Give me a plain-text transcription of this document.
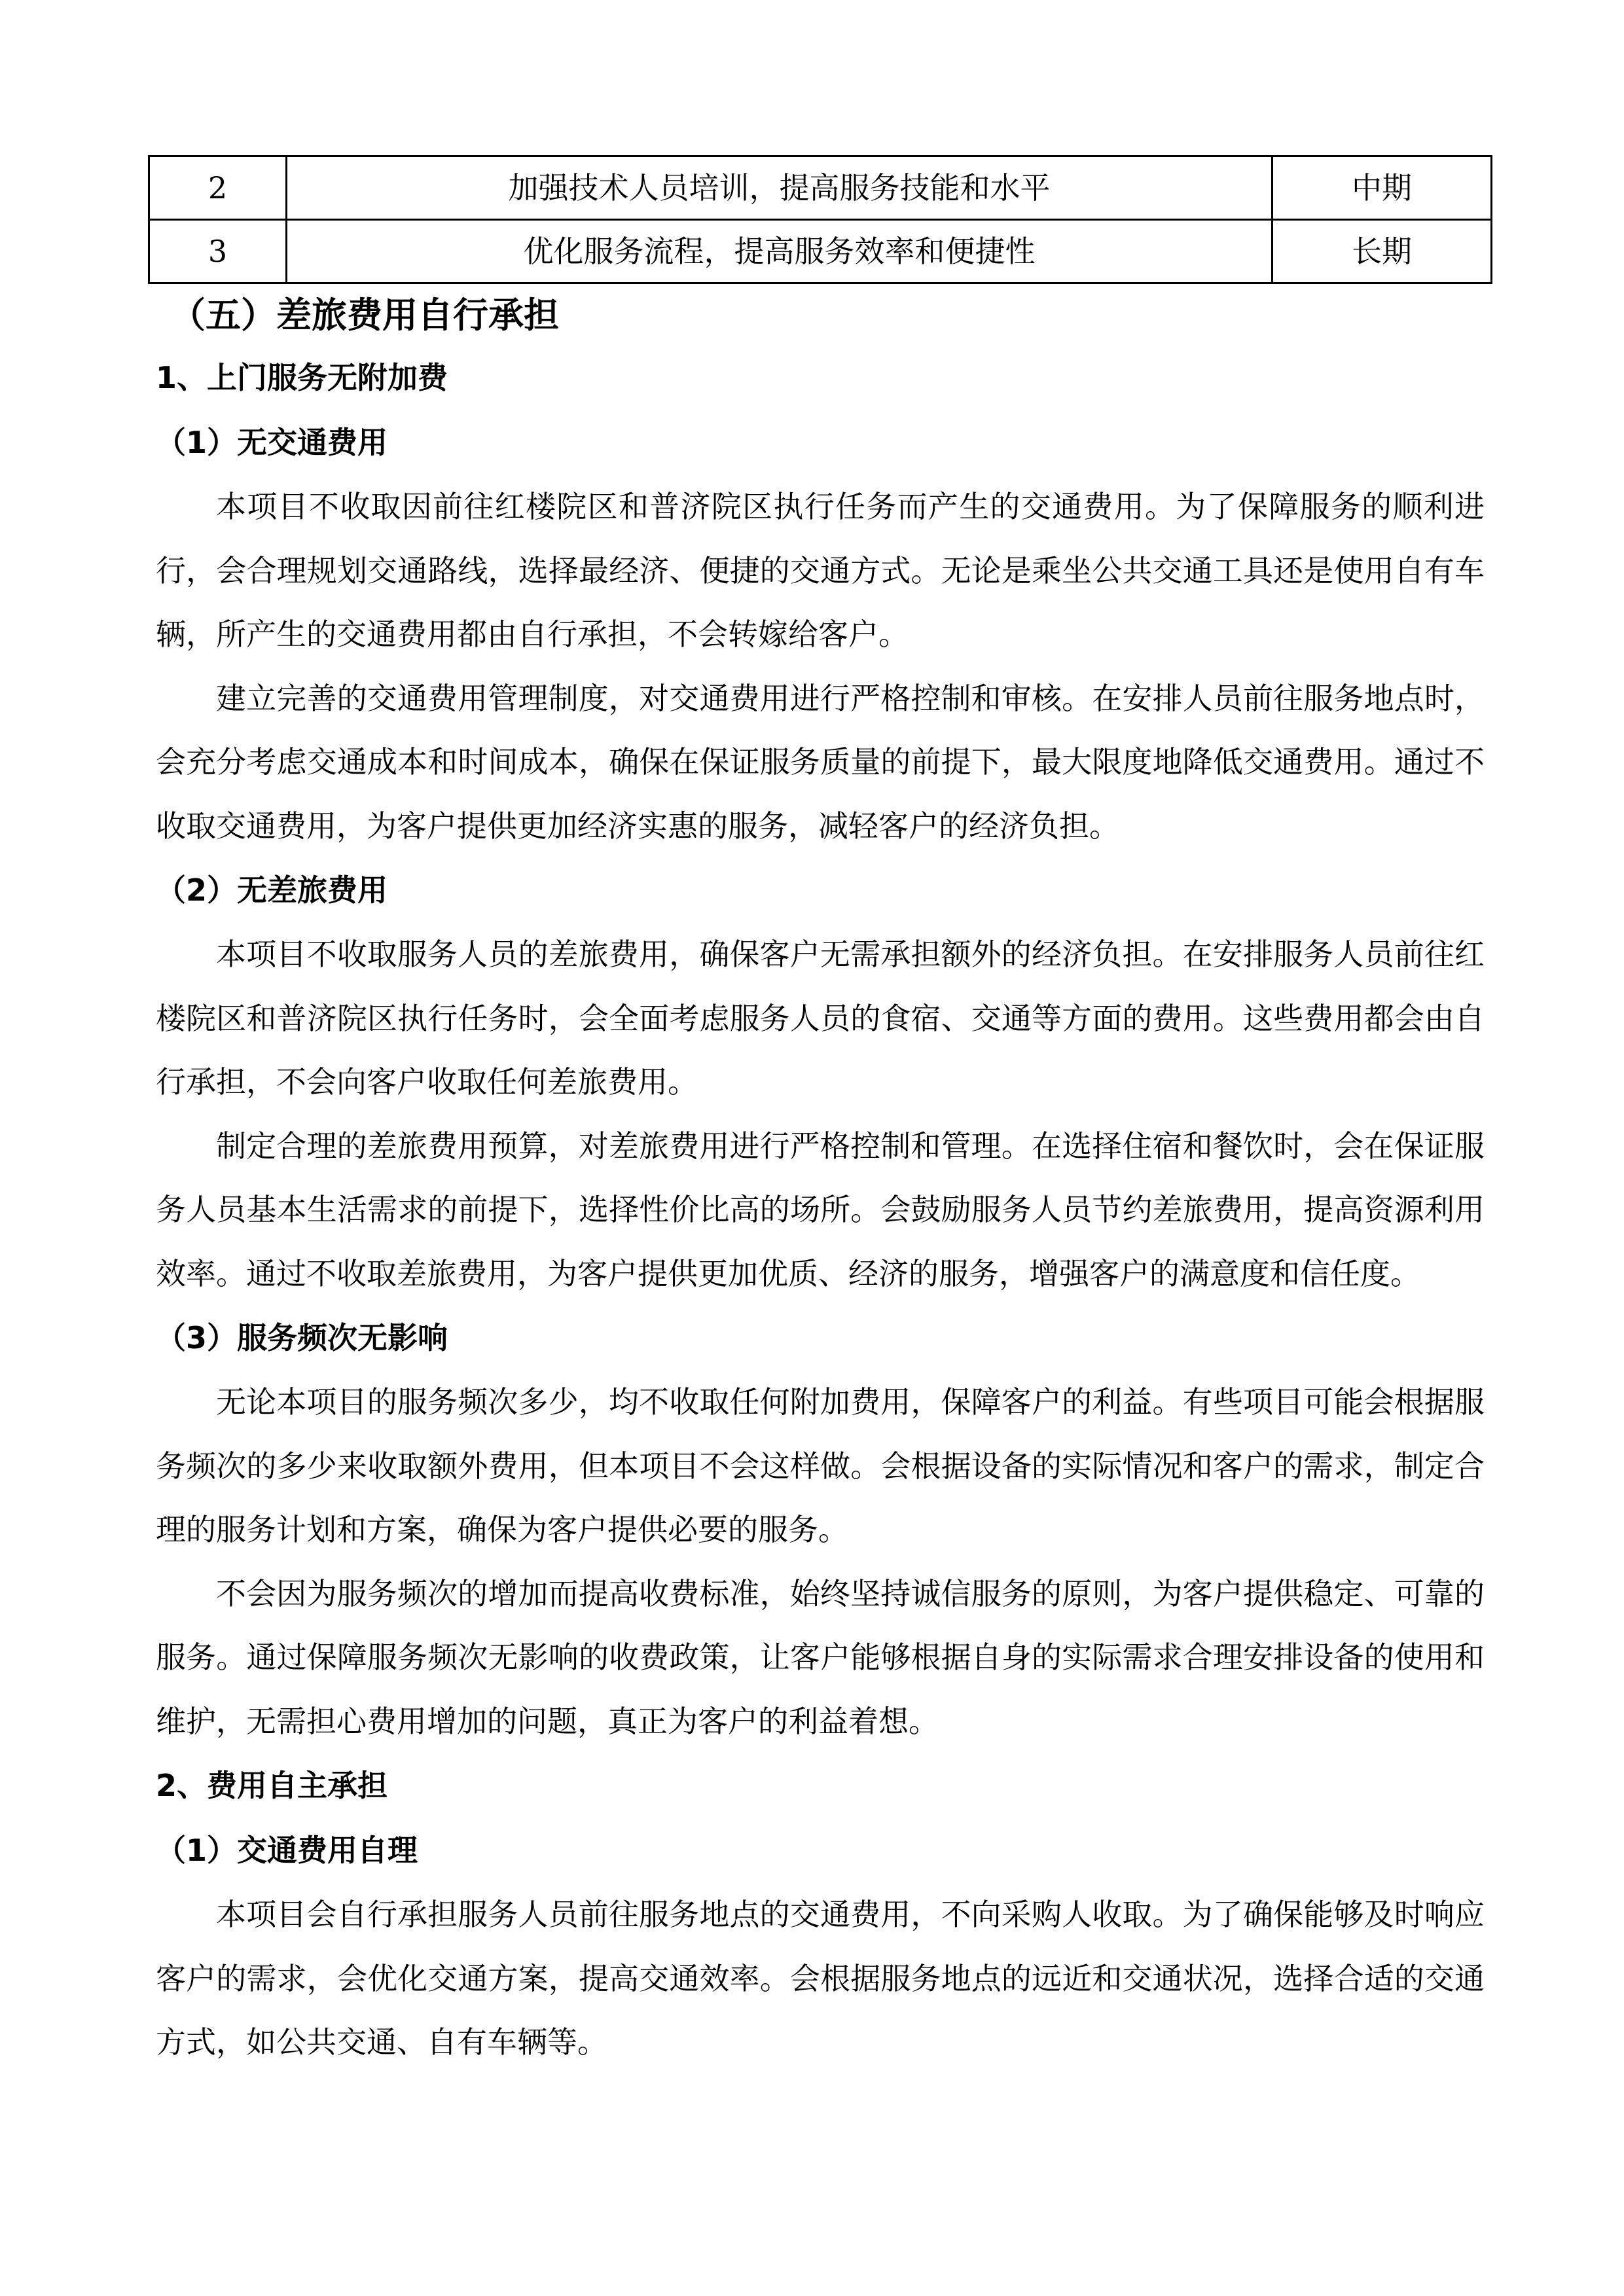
2	加强技术人员培训，提高服务技能和水平	中期
3	优化服务流程，提高服务效率和便捷性	长期
（五）差旅费用自行承担
1、上门服务无附加费
（1）无交通费用

本项目不收取因前往红楼院区和普济院区执行任务而产生的交通费用。为了保障服务的顺利进行，会合理规划交通路线，选择最经济、便捷的交通方式。无论是乘坐公共交通工具还是使用自有车辆，所产生的交通费用都由自行承担，不会转嫁给客户。

建立完善的交通费用管理制度，对交通费用进行严格控制和审核。在安排人员前往服务地点时，会充分考虑交通成本和时间成本，确保在保证服务质量的前提下，最大限度地降低交通费用。通过不收取交通费用，为客户提供更加经济实惠的服务，减轻客户的经济负担。

（2）无差旅费用

本项目不收取服务人员的差旅费用，确保客户无需承担额外的经济负担。在安排服务人员前往红楼院区和普济院区执行任务时，会全面考虑服务人员的食宿、交通等方面的费用。这些费用都会由自行承担，不会向客户收取任何差旅费用。

制定合理的差旅费用预算，对差旅费用进行严格控制和管理。在选择住宿和餐饮时，会在保证服务人员基本生活需求的前提下，选择性价比高的场所。会鼓励服务人员节约差旅费用，提高资源利用效率。通过不收取差旅费用，为客户提供更加优质、经济的服务，增强客户的满意度和信任度。

（3）服务频次无影响

无论本项目的服务频次多少，均不收取任何附加费用，保障客户的利益。有些项目可能会根据服务频次的多少来收取额外费用，但本项目不会这样做。会根据设备的实际情况和客户的需求，制定合理的服务计划和方案，确保为客户提供必要的服务。

不会因为服务频次的增加而提高收费标准，始终坚持诚信服务的原则，为客户提供稳定、可靠的服务。通过保障服务频次无影响的收费政策，让客户能够根据自身的实际需求合理安排设备的使用和维护，无需担心费用增加的问题，真正为客户的利益着想。

2、费用自主承担
（1）交通费用自理

本项目会自行承担服务人员前往服务地点的交通费用，不向采购人收取。为了确保能够及时响应客户的需求，会优化交通方案，提高交通效率。会根据服务地点的远近和交通状况，选择合适的交通方式，如公共交通、自有车辆等。
